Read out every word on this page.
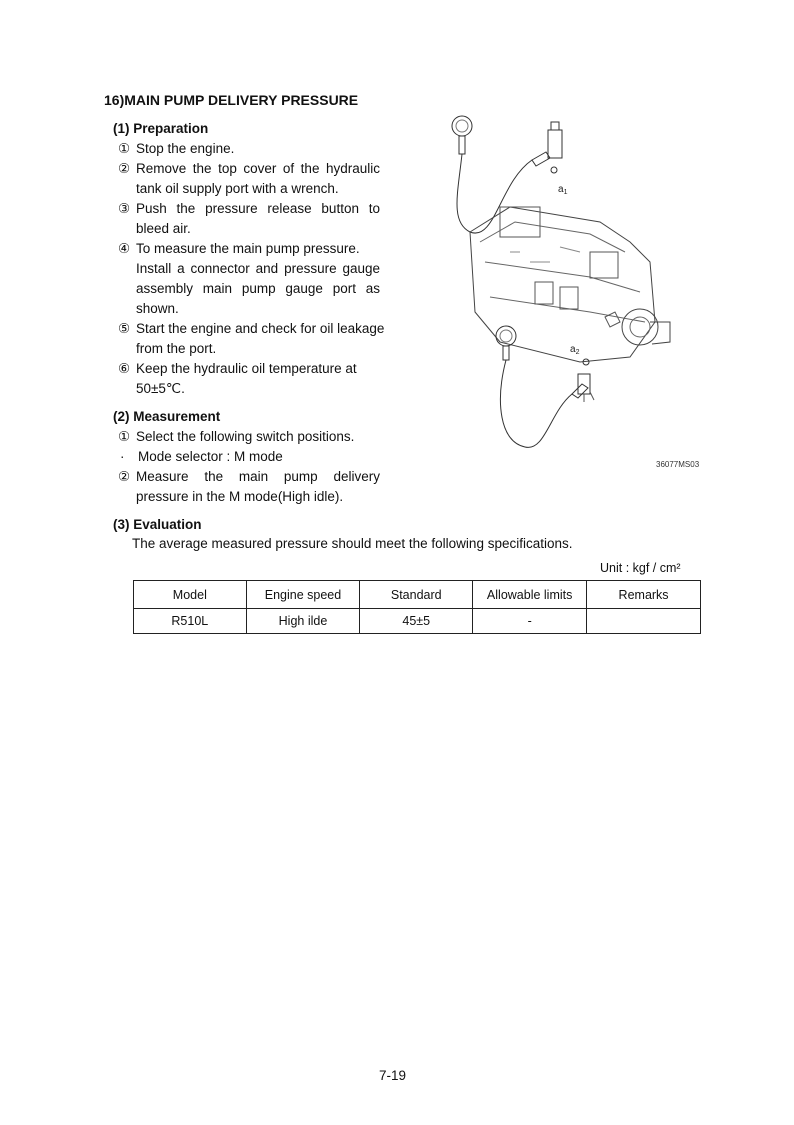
16)MAIN PUMP DELIVERY PRESSURE
(1) Preparation
① Stop the engine.
② Remove the top cover of the hydraulic
tank oil supply port with a wrench.
③ Push the pressure release button to
bleed air.
④ To measure the main pump pressure.
Install a connector and pressure gauge
assembly main pump gauge port as
shown.
⑤ Start the engine and check for oil leakage
from the port.
⑥ Keep the hydraulic oil temperature at
50±5℃.
(2) Measurement
① Select the following switch positions.
· Mode selector : M mode
② Measure the main pump delivery
pressure in the M mode(High idle).
(3) Evaluation
The average measured pressure should meet the following specifications.
$a_1$
$a_2$
36077MS03
Unit : kgf / cm²
Model	Engine speed	Standard	Allowable limits	Remarks
R510L	High ilde	45±5	-	
7-19
